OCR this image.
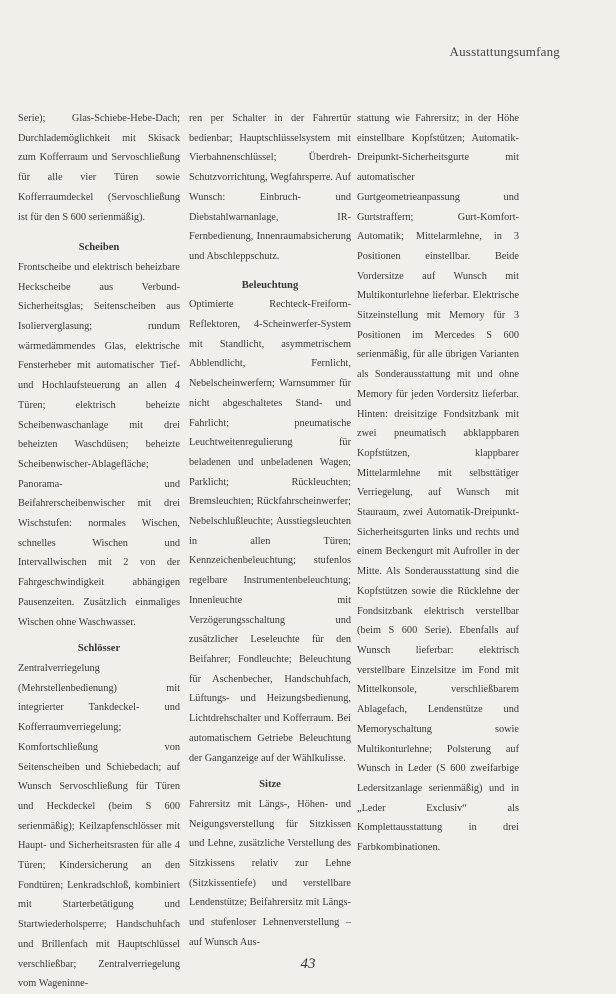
Ausstattungsumfang

Serie); Glas-Schiebe-Hebe-Dach; Durchlademöglichkeit mit Skisack zum Kofferraum und Servoschließung für alle vier Türen sowie Kofferraumdeckel (Servoschließung ist für den S 600 serienmäßig).

Scheiben

Frontscheibe und elektrisch beheizbare Heckscheibe aus Verbund-Sicherheitsglas; Seitenscheiben aus Isolierverglasung; rundum wärmedämmendes Glas, elektrische Fensterheber mit automatischer Tief- und Hochlaufsteuerung an allen 4 Türen; elektrisch beheizte Scheibenwaschanlage mit drei beheizten Waschdüsen; beheizte Scheibenwischer-Ablagefläche; Panorama- und Beifahrerscheibenwischer mit drei Wischstufen: normales Wischen, schnelles Wischen und Intervallwischen mit 2 von der Fahrgeschwindigkeit abhängigen Pausenzeiten. Zusätzlich einmaliges Wischen ohne Waschwasser.

Schlösser

Zentralverriegelung (Mehrstellenbedienung) mit integrierter Tankdeckel- und Kofferraumverriegelung; Komfortschließung von Seitenscheiben und Schiebedach; auf Wunsch Servoschließung für Türen und Heckdeckel (beim S 600 serienmäßig); Keilzapfenschlösser mit Haupt- und Sicherheitsrasten für alle 4 Türen; Kindersicherung an den Fondtüren; Lenkradschloß, kombiniert mit Starterbetätigung und Startwiederholsperre; Handschuhfach und Brillenfach mit Hauptschlüssel verschließbar; Zentralverriegelung vom Wageninne-

ren per Schalter in der Fahrertür bedienbar; Hauptschlüsselsystem mit Vierbahnenschlüssel; Überdreh-Schutzvorrichtung, Wegfahrsperre. Auf Wunsch: Einbruch- und Diebstahlwarnanlage, IR-Fernbedienung, Innenraumabsicherung und Abschleppschutz.

Beleuchtung

Optimierte Rechteck-Freiform-Reflektoren, 4-Scheinwerfer-System mit Standlicht, asymmetrischem Abblendlicht, Fernlicht, Nebelscheinwerfern; Warnsummer für nicht abgeschaltetes Stand- und Fahrlicht; pneumatische Leuchtweitenregulierung für beladenen und unbeladenen Wagen; Parklicht; Rückleuchten; Bremsleuchten; Rückfahrscheinwerfer; Nebelschlußleuchte; Ausstiegsleuchten in allen Türen; Kennzeichenbeleuchtung; stufenlos regelbare Instrumentenbeleuchtung; Innenleuchte mit Verzögerungsschaltung und zusätzlicher Leseleuchte für den Beifahrer; Fondleuchte; Beleuchtung für Aschenbecher, Handschuhfach, Lüftungs- und Heizungsbedienung, Lichtdrehschalter und Kofferraum. Bei automatischem Getriebe Beleuchtung der Ganganzeige auf der Wählkulisse.

Sitze

Fahrersitz mit Längs-, Höhen- und Neigungsverstellung für Sitzkissen und Lehne, zusätzliche Verstellung des Sitzkissens relativ zur Lehne (Sitzkissentiefe) und verstellbare Lendenstütze; Beifahrersitz mit Längs- und stufenloser Lehnenverstellung – auf Wunsch Aus-

stattung wie Fahrersitz; in der Höhe einstellbare Kopfstützen; Automatik-Dreipunkt-Sicherheitsgurte mit automatischer Gurtgeometrieanpassung und Gurtstraffern; Gurt-Komfort-Automatik; Mittelarmlehne, in 3 Positionen einstellbar. Beide Vordersitze auf Wunsch mit Multikonturlehne lieferbar. Elektrische Sitzeinstellung mit Memory für 3 Positionen im Mercedes S 600 serienmäßig, für alle übrigen Varianten als Sonderausstattung mit und ohne Memory für jeden Vordersitz lieferbar. Hinten: dreisitzige Fondsitzbank mit zwei pneumatisch abklappbaren Kopfstützen, klappbarer Mittelarmlehne mit selbsttätiger Verriegelung, auf Wunsch mit Stauraum, zwei Automatik-Dreipunkt-Sicherheitsgurten links und rechts und einem Beckengurt mit Aufroller in der Mitte. Als Sonderausstattung sind die Kopfstützen sowie die Rücklehne der Fondsitzbank elektrisch verstellbar (beim S 600 Serie). Ebenfalls auf Wunsch lieferbar: elektrisch verstellbare Einzelsitze im Fond mit Mittelkonsole, verschließbarem Ablagefach, Lendenstütze und Memoryschaltung sowie Multikonturlehne; Polsterung auf Wunsch in Leder (S 600 zweifarbige Ledersitzanlage serienmäßig) und in „Leder Exclusiv“ als Komplettausstattung in drei Farbkombinationen.

43
